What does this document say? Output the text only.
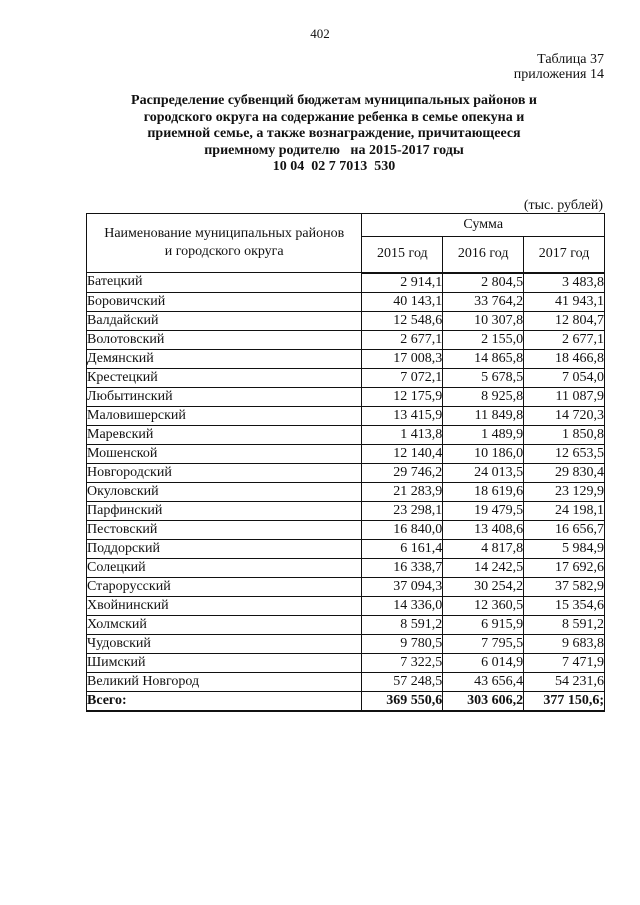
402
Таблица 37
приложения 14
Распределение субвенций бюджетам муниципальных районов и
городского округа на содержание ребенка в семье опекуна и
приемной семье, а также вознаграждение, причитающееся
приемному родителю   на 2015-2017 годы
10 04  02 7 7013  530
(тыс. рублей)
Наименование муниципальных районов
и городского округа	Сумма		
	2015 год	2016 год	2017 год
Батецкий	2 914,1	2 804,5	3 483,8
Боровичский	40 143,1	33 764,2	41 943,1
Валдайский	12 548,6	10 307,8	12 804,7
Волотовский	2 677,1	2 155,0	2 677,1
Демянский	17 008,3	14 865,8	18 466,8
Крестецкий	7 072,1	5 678,5	7 054,0
Любытинский	12 175,9	8 925,8	11 087,9
Маловишерский	13 415,9	11 849,8	14 720,3
Маревский	1 413,8	1 489,9	1 850,8
Мошенской	12 140,4	10 186,0	12 653,5
Новгородский	29 746,2	24 013,5	29 830,4
Окуловский	21 283,9	18 619,6	23 129,9
Парфинский	23 298,1	19 479,5	24 198,1
Пестовский	16 840,0	13 408,6	16 656,7
Поддорский	6 161,4	4 817,8	5 984,9
Солецкий	16 338,7	14 242,5	17 692,6
Старорусский	37 094,3	30 254,2	37 582,9
Хвойнинский	14 336,0	12 360,5	15 354,6
Холмский	8 591,2	6 915,9	8 591,2
Чудовский	9 780,5	7 795,5	9 683,8
Шимский	7 322,5	6 014,9	7 471,9
Великий Новгород	57 248,5	43 656,4	54 231,6
Всего:	369 550,6	303 606,2	377 150,6;
